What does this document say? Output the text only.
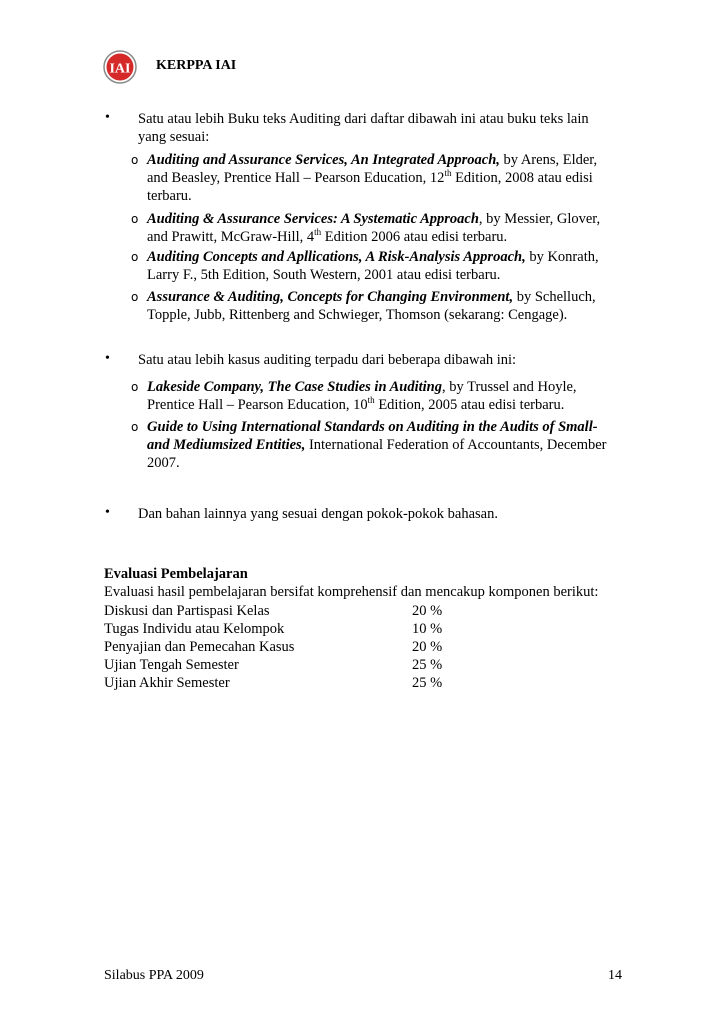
IAI KERPPA IAI
• Satu atau lebih Buku teks Auditing dari daftar dibawah ini atau buku teks lain yang sesuai:
o Auditing and Assurance Services, An Integrated Approach, by Arens, Elder, and Beasley, Prentice Hall – Pearson Education, 12th Edition, 2008 atau edisi terbaru.
o Auditing & Assurance Services: A Systematic Approach, by Messier, Glover, and Prawitt, McGraw-Hill, 4th Edition 2006 atau edisi terbaru.
o Auditing Concepts and Apllications, A Risk-Analysis Approach, by Konrath, Larry F., 5th Edition, South Western, 2001 atau edisi terbaru.
o Assurance & Auditing, Concepts for Changing Environment, by Schelluch, Topple, Jubb, Rittenberg and Schwieger, Thomson (sekarang: Cengage).
• Satu atau lebih kasus auditing terpadu dari beberapa dibawah ini:
o Lakeside Company, The Case Studies in Auditing, by Trussel and Hoyle, Prentice Hall – Pearson Education, 10th Edition, 2005 atau edisi terbaru.
o Guide to Using International Standards on Auditing in the Audits of Small- and Mediumsized Entities, International Federation of Accountants, December 2007.
• Dan bahan lainnya yang sesuai dengan pokok-pokok bahasan.
Evaluasi Pembelajaran
Evaluasi hasil pembelajaran bersifat komprehensif dan mencakup komponen berikut:
Diskusi dan Partispasi Kelas	20 %
Tugas Individu atau Kelompok	10 %
Penyajian dan Pemecahan Kasus	20 %
Ujian Tengah Semester	25 %
Ujian Akhir Semester	25 %
Silabus PPA 2009	14
